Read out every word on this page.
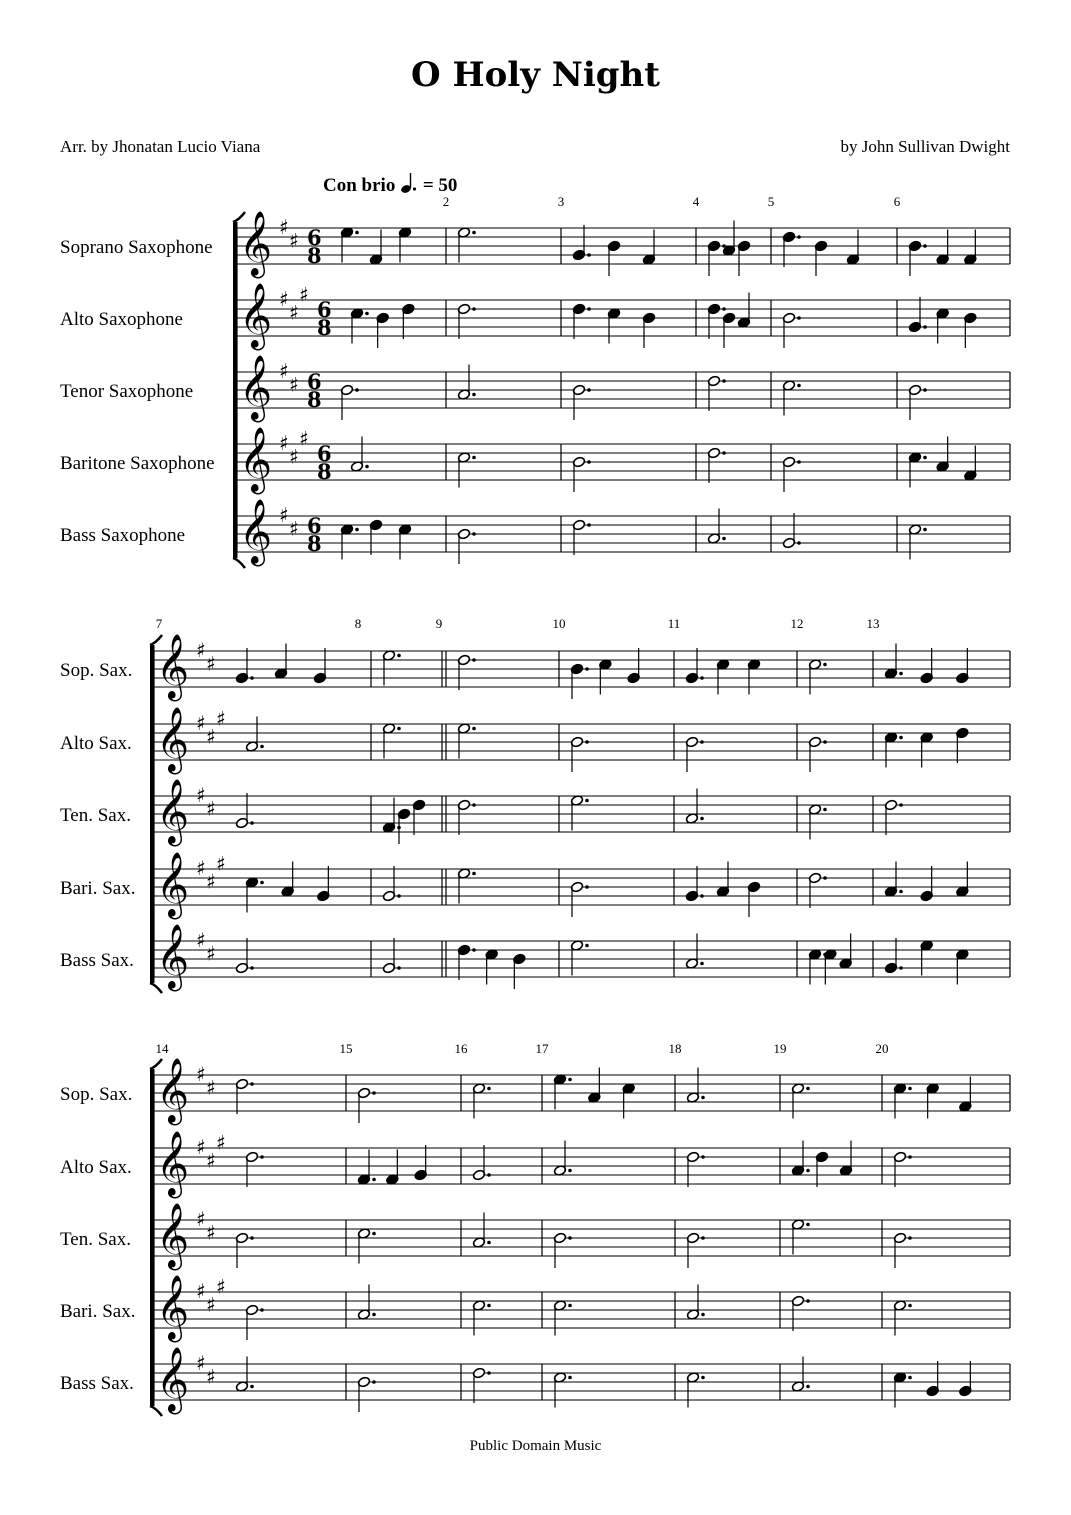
O Holy Night
Arr. by Jhonatan Lucio Viana	by John Sullivan Dwight
Con brio = 50
2	3	4	5	6
Soprano Saxophone 𝄞 ♯
♯ 6
8
Alto Saxophone 𝄞 ♯
♯
♯
6
8
Tenor Saxophone 𝄞 ♯
♯ 6
8
Baritone Saxophone 𝄞 ♯
♯
♯
6
8
Bass Saxophone 𝄞 ♯
♯ 6
8
7	8	9	10	11	12	13
Sop. Sax. 𝄞 ♯
♯
Alto Sax. 𝄞 ♯
♯
♯
Ten. Sax. 𝄞 ♯
♯
Bari. Sax. 𝄞 ♯
♯
♯
Bass Sax. 𝄞 ♯
♯
14	15	16	17	18	19	20
Sop. Sax. 𝄞 ♯
♯
Alto Sax. 𝄞 ♯
♯
♯
Ten. Sax. 𝄞 ♯
♯
Bari. Sax. 𝄞 ♯
♯
♯
Bass Sax. 𝄞 ♯
♯
Public Domain Music
